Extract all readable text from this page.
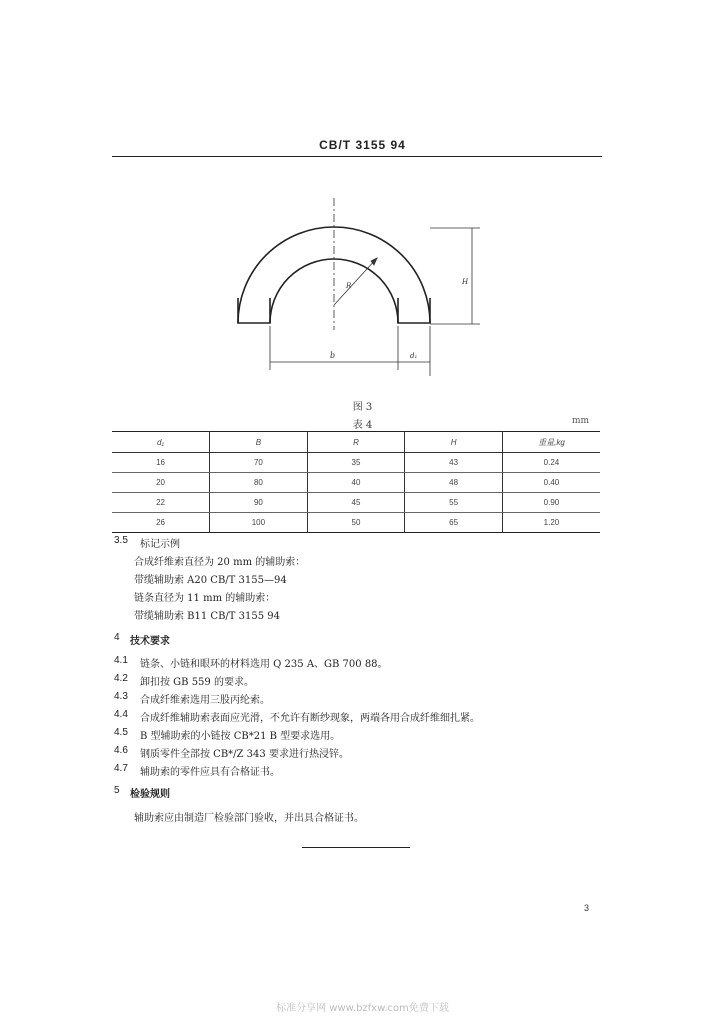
CB/T 3155 94
b	d₁
R	H
图 3
表 4	mm
d₁	B	R	H	重量,kg
16	70	35	43	0.24
20	80	40	48	0.40
22	90	45	55	0.90
26	100	50	65	1.20
3.5 标记示例
合成纤维索直径为 20 mm 的辅助索：
带缆辅助索 A20 CB/T 3155—94
链条直径为 11 mm 的辅助索：
带缆辅助索 B11 CB/T 3155 94
4 技术要求
4.1 链条、小链和眼环的材料选用 Q 235 A、GB 700 88。
4.2 卸扣按 GB 559 的要求。
4.3 合成纤维索选用三股丙纶索。
4.4 合成纤维辅助索表面应光滑，不允许有断纱现象，两端各用合成纤维细扎紧。
4.5 B 型辅助索的小链按 CB*21 B 型要求选用。
4.6 钢质零件全部按 CB*/Z 343 要求进行热浸锌。
4.7 辅助索的零件应具有合格证书。
5 检验规则
辅助索应由制造厂检验部门验收，并出具合格证书。
3
标准分享网 www.bzfxw.com免费下载
